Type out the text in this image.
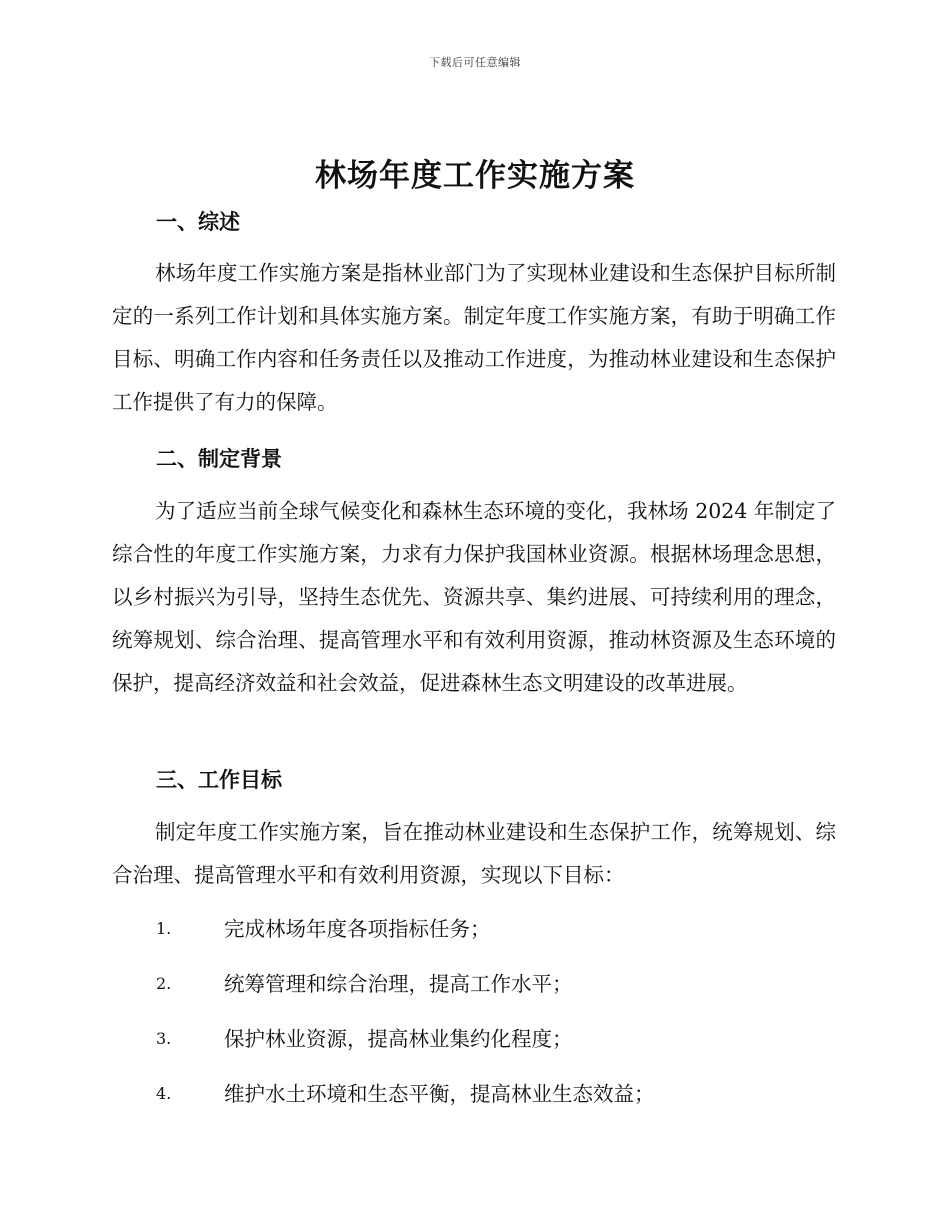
下载后可任意编辑
林场年度工作实施方案
一、综述

林场年度工作实施方案是指林业部门为了实现林业建设和生态保护目标所制定的一系列工作计划和具体实施方案。制定年度工作实施方案，有助于明确工作目标、明确工作内容和任务责任以及推动工作进度，为推动林业建设和生态保护工作提供了有力的保障。

二、制定背景

为了适应当前全球气候变化和森林生态环境的变化，我林场 2024 年制定了综合性的年度工作实施方案，力求有力保护我国林业资源。根据林场理念思想，以乡村振兴为引导，坚持生态优先、资源共享、集约进展、可持续利用的理念，统筹规划、综合治理、提高管理水平和有效利用资源，推动林资源及生态环境的保护，提高经济效益和社会效益，促进森林生态文明建设的改革进展。

三、工作目标

制定年度工作实施方案，旨在推动林业建设和生态保护工作，统筹规划、综合治理、提高管理水平和有效利用资源，实现以下目标：

1.	完成林场年度各项指标任务；
2.	统筹管理和综合治理，提高工作水平；
3.	保护林业资源，提高林业集约化程度；
4.	维护水土环境和生态平衡，提高林业生态效益；
